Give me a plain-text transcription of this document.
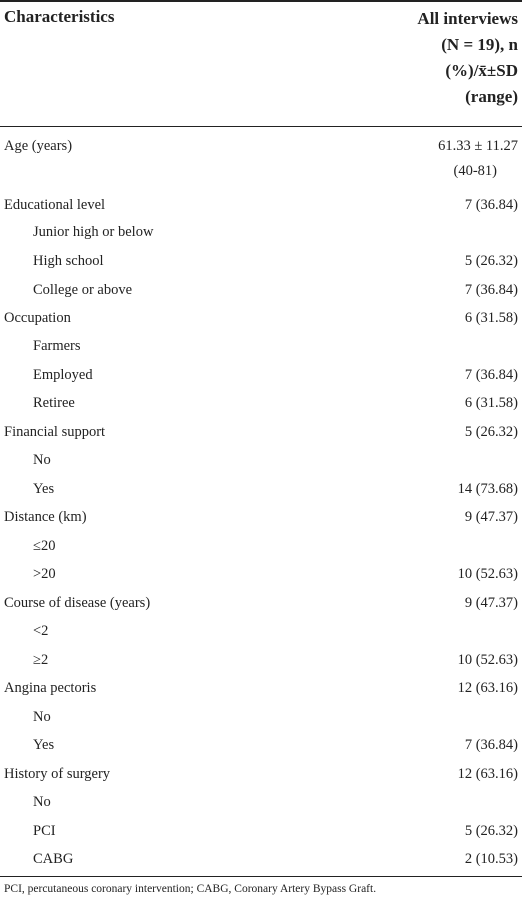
Characteristics	All interviews
(N = 19), n
(%)/x̄±SD
(range)
Age (years)	61.33 ± 11.27
(40-81)
Educational level	7 (36.84)
Junior high or below
High school	5 (26.32)
College or above	7 (36.84)
Occupation	6 (31.58)
Farmers
Employed	7 (36.84)
Retiree	6 (31.58)
Financial support	5 (26.32)
No
Yes	14 (73.68)
Distance (km)	9 (47.37)
≤20
>20	10 (52.63)
Course of disease (years)	9 (47.37)
<2
≥2	10 (52.63)
Angina pectoris	12 (63.16)
No
Yes	7 (36.84)
History of surgery	12 (63.16)
No
PCI	5 (26.32)
CABG	2 (10.53)
PCI, percutaneous coronary intervention; CABG, Coronary Artery Bypass Graft.
